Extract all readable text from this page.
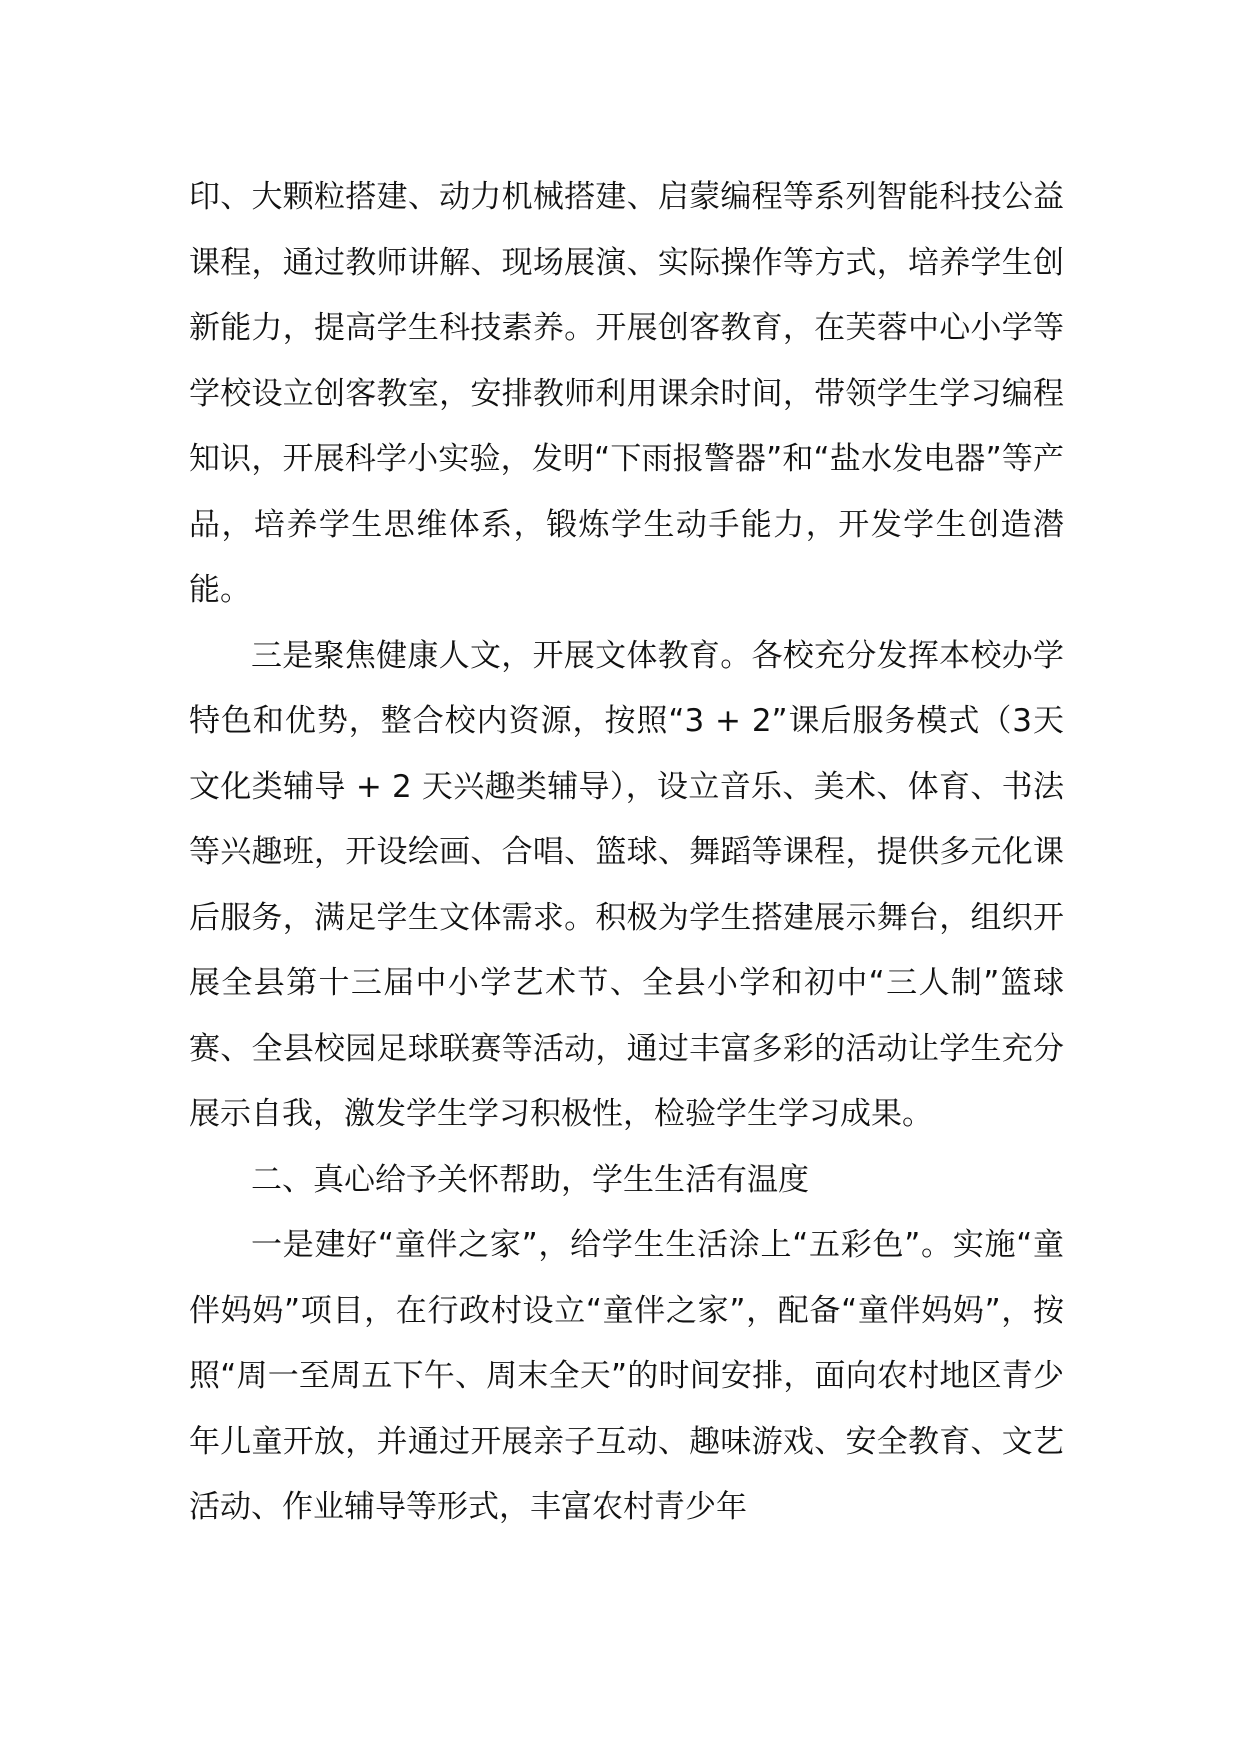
印、大颗粒搭建、动力机械搭建、启蒙编程等系列智能科技公益课程，通过教师讲解、现场展演、实际操作等方式，培养学生创新能力，提高学生科技素养。开展创客教育，在芙蓉中心小学等学校设立创客教室，安排教师利用课余时间，带领学生学习编程知识，开展科学小实验，发明“下雨报警器”和“盐水发电器”等产品，培养学生思维体系，锻炼学生动手能力，开发学生创造潜能。

三是聚焦健康人文，开展文体教育。各校充分发挥本校办学特色和优势，整合校内资源，按照“3 + 2”课后服务模式（3天文化类辅导 + 2 天兴趣类辅导），设立音乐、美术、体育、书法等兴趣班，开设绘画、合唱、篮球、舞蹈等课程，提供多元化课后服务，满足学生文体需求。积极为学生搭建展示舞台，组织开展全县第十三届中小学艺术节、全县小学和初中“三人制”篮球赛、全县校园足球联赛等活动，通过丰富多彩的活动让学生充分展示自我，激发学生学习积极性，检验学生学习成果。

二、真心给予关怀帮助，学生生活有温度

一是建好“童伴之家”，给学生生活涂上“五彩色”。实施“童伴妈妈”项目，在行政村设立“童伴之家”，配备“童伴妈妈”，按照“周一至周五下午、周末全天”的时间安排，面向农村地区青少年儿童开放，并通过开展亲子互动、趣味游戏、安全教育、文艺活动、作业辅导等形式，丰富农村青少年
